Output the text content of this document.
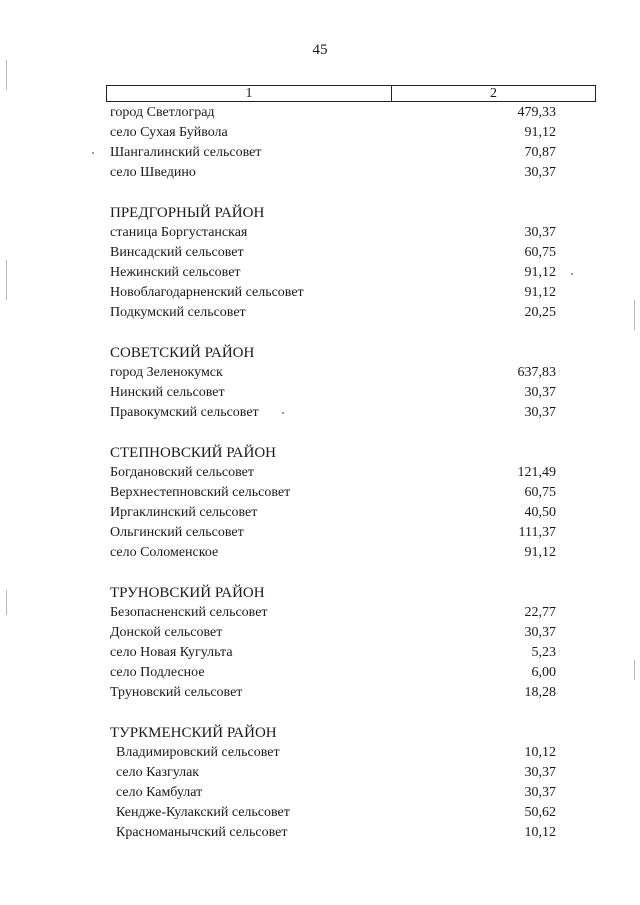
45
1	2
город Светлоград	479,33
село Сухая Буйвола	91,12
Шангалинский сельсовет	70,87
село Шведино	30,37
ПРЕДГОРНЫЙ РАЙОН
станица Боргустанская	30,37
Винсадский сельсовет	60,75
Нежинский сельсовет	91,12
Новоблагодарненский сельсовет	91,12
Подкумский сельсовет	20,25
СОВЕТСКИЙ РАЙОН
город Зеленокумск	637,83
Нинский сельсовет	30,37
Правокумский сельсовет	30,37
СТЕПНОВСКИЙ РАЙОН
Богдановский сельсовет	121,49
Верхнестепновский сельсовет	60,75
Иргаклинский сельсовет	40,50
Ольгинский сельсовет	111,37
село Соломенское	91,12
ТРУНОВСКИЙ РАЙОН
Безопасненский сельсовет	22,77
Донской сельсовет	30,37
село Новая Кугульта	5,23
село Подлесное	6,00
Труновский сельсовет	18,28
ТУРКМЕНСКИЙ РАЙОН
Владимировский сельсовет	10,12
село Казгулак	30,37
село Камбулат	30,37
Кендже-Кулакский сельсовет	50,62
Красноманычский сельсовет	10,12
